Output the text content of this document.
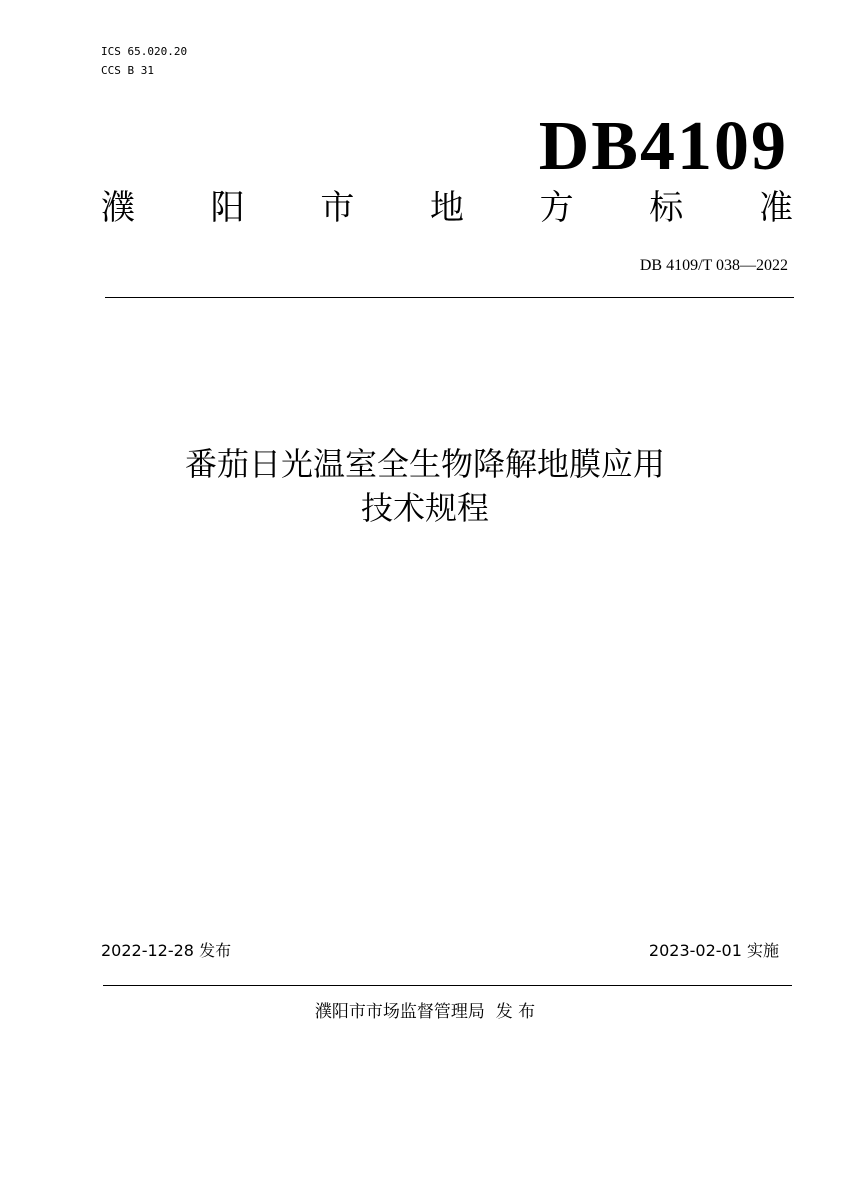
ICS 65.020.20
CCS B 31
DB4109
濮 阳 市 地 方 标 准
DB 4109/T 038—2022
番茄日光温室全生物降解地膜应用
技术规程
2022-12-28 发布	2023-02-01 实施
濮阳市市场监督管理局  发 布
